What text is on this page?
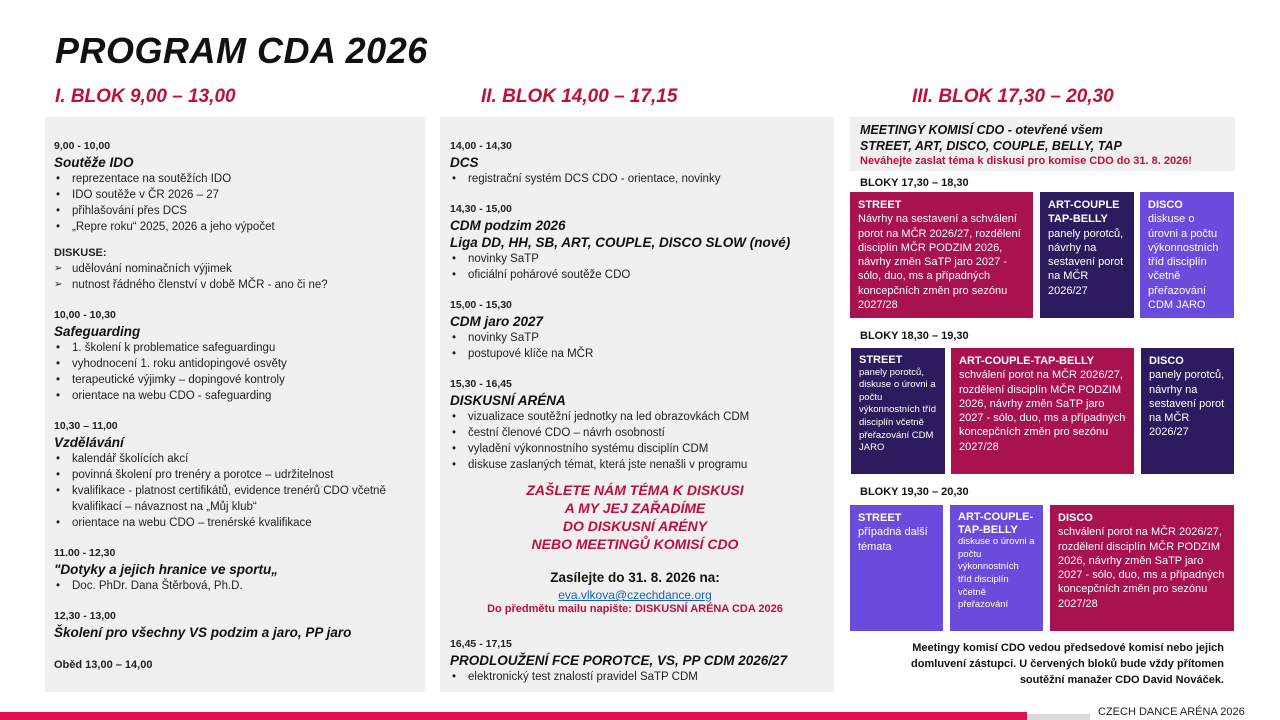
PROGRAM CDA 2026
I. BLOK 9,00 – 13,00	II. BLOK 14,00 – 17,15	III. BLOK 17,30 – 20,30
9,00 - 10,00
Soutěže IDO
• reprezentace na soutěžích IDO
• IDO soutěže v ČR 2026 – 27
• přihlašování přes DCS
• „Repre roku“ 2025, 2026 a jeho výpočet
DISKUSE:
➢ udělování nominačních výjimek
➢ nutnost řádného členství v době MČR - ano či ne?
10,00 - 10,30
Safeguarding
• 1. školení k problematice safeguardingu
• vyhodnocení 1. roku antidopingové osvěty
• terapeutické výjimky – dopingové kontroly
• orientace na webu CDO - safeguarding
10,30 – 11,00
Vzdělávání
• kalendář školících akcí
• povinná školení pro trenéry a porotce – udržitelnost
• kvalifikace - platnost certifikátů, evidence trenérů CDO včetně kvalifikací – návaznost na „Můj klub“
• orientace na webu CDO – trenérské kvalifikace
11.00 - 12,30
"Dotyky a jejich hranice ve sportu„
• Doc. PhDr. Dana Štěrbová, Ph.D.
12,30 - 13,00
Školení pro všechny VS podzim a jaro, PP jaro
Oběd 13,00 – 14,00
14,00 - 14,30
DCS
• registrační systém DCS CDO - orientace, novinky
14,30 - 15,00
CDM podzim 2026
Liga DD, HH, SB, ART, COUPLE, DISCO SLOW (nové)
• novinky SaTP
• oficiální pohárové soutěže CDO
15,00 - 15,30
CDM jaro 2027
• novinky SaTP
• postupové klíče na MČR
15,30 - 16,45
DISKUSNÍ ARÉNA
• vizualizace soutěžní jednotky na led obrazovkách CDM
• čestní členové CDO – návrh osobností
• vyladění výkonnostního systému disciplín CDM
• diskuse zaslaných témat, která jste nenašli v programu
ZAŠLETE NÁM TÉMA K DISKUSI
A MY JEJ ZAŘADÍME
DO DISKUSNÍ ARÉNY
NEBO MEETINGŮ KOMISÍ CDO
Zasílejte do 31. 8. 2026 na:
eva.vlkova@czechdance.org
Do předmětu mailu napište: DISKUSNÍ ARÉNA CDA 2026
16,45 - 17,15
PRODLOUŽENÍ FCE POROTCE, VS, PP CDM 2026/27
• elektronický test znalostí pravidel SaTP CDM
MEETINGY KOMISÍ CDO - otevřené všem
STREET, ART, DISCO, COUPLE, BELLY, TAP
Neváhejte zaslat téma k diskusi pro komise CDO do 31. 8. 2026!
BLOKY 17,30 – 18,30
STREET
Návrhy na sestavení a schválení porot na MČR 2026/27, rozdělení disciplín MČR PODZIM 2026, návrhy změn SaTP jaro 2027 - sólo, duo, ms a případných koncepčních změn pro sezónu 2027/28
ART-COUPLE TAP-BELLY
panely porotců, návrhy na sestavení porot na MČR 2026/27
DISCO
diskuse o úrovni a počtu výkonnostních tříd disciplín včetně přeřazování CDM JARO
BLOKY 18,30 – 19,30
STREET
panely porotců, diskuse o úrovni a počtu výkonnostních tříd disciplín včetně přeřazování CDM JARO
ART-COUPLE-TAP-BELLY
schválení porot na MČR 2026/27, rozdělení disciplín MČR PODZIM 2026, návrhy změn SaTP jaro 2027 - sólo, duo, ms a případných koncepčních změn pro sezónu 2027/28
DISCO
panely porotců, návrhy na sestavení porot na MČR 2026/27
BLOKY 19,30 – 20,30
STREET
případná další témata
ART-COUPLE-TAP-BELLY
diskuse o úrovni a počtu výkonnostních tříd disciplín včetně přeřazování
DISCO
schválení porot na MČR 2026/27, rozdělení disciplín MČR PODZIM 2026, návrhy změn SaTP jaro 2027 - sólo, duo, ms a případných koncepčních změn pro sezónu 2027/28
Meetingy komisí CDO vedou předsedové komisí nebo jejich
domluvení zástupci. U červených bloků bude vždy přítomen
soutěžní manažer CDO David Nováček.
CZECH DANCE ARÉNA 2026
